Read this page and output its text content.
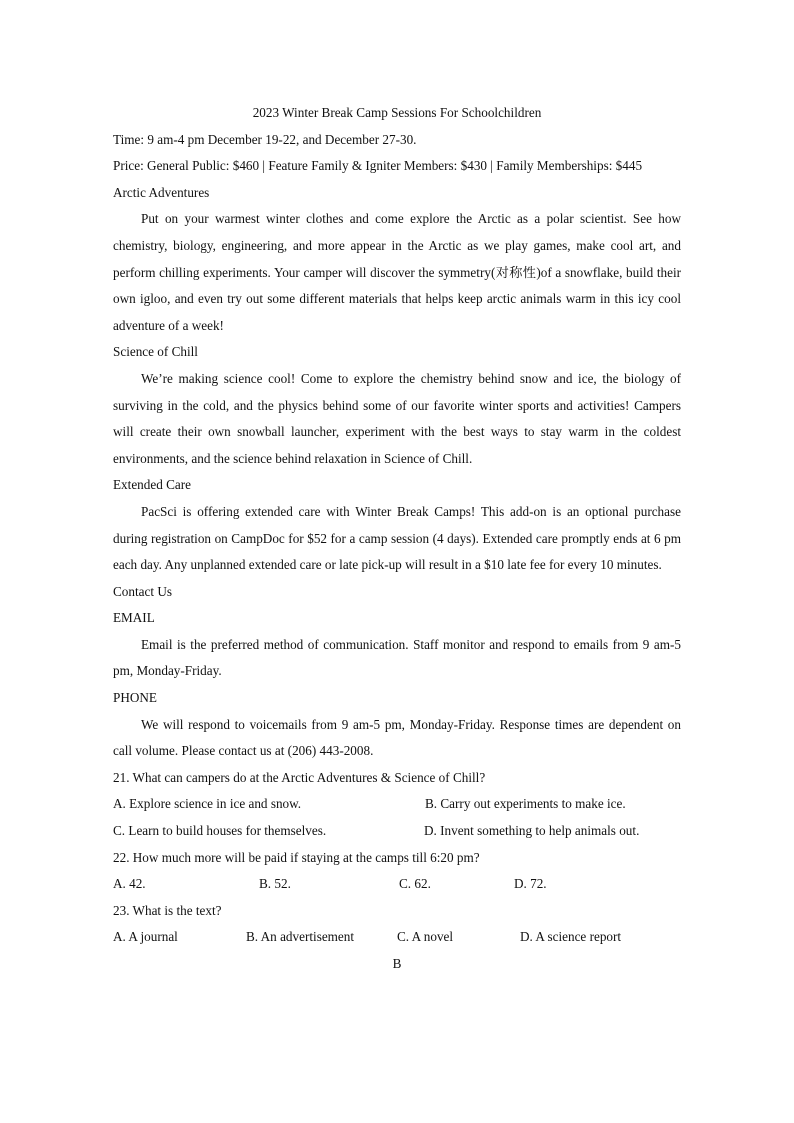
2023 Winter Break Camp Sessions For Schoolchildren
Time: 9 am-4 pm December 19-22, and December 27-30.
Price: General Public: $460 | Feature Family & Igniter Members: $430 | Family Memberships: $445
Arctic Adventures

Put on your warmest winter clothes and come explore the Arctic as a polar scientist. See how chemistry, biology, engineering, and more appear in the Arctic as we play games, make cool art, and perform chilling experiments. Your camper will discover the symmetry(对称性)of a snowflake, build their own igloo, and even try out some different materials that helps keep arctic animals warm in this icy cool adventure of a week!

Science of Chill

We’re making science cool! Come to explore the chemistry behind snow and ice, the biology of surviving in the cold, and the physics behind some of our favorite winter sports and activities! Campers will create their own snowball launcher, experiment with the best ways to stay warm in the coldest environments, and the science behind relaxation in Science of Chill.

Extended Care

PacSci is offering extended care with Winter Break Camps! This add-on is an optional purchase during registration on CampDoc for $52 for a camp session (4 days). Extended care promptly ends at 6 pm each day. Any unplanned extended care or late pick-up will result in a $10 late fee for every 10 minutes.

Contact Us
EMAIL

Email is the preferred method of communication. Staff monitor and respond to emails from 9 am-5 pm, Monday-Friday.

PHONE

We will respond to voicemails from 9 am-5 pm, Monday-Friday. Response times are dependent on call volume. Please contact us at (206) 443-2008.

21. What can campers do at the Arctic Adventures & Science of Chill?
A. Explore science in ice and snow.	B. Carry out experiments to make ice.
C. Learn to build houses for themselves.	D. Invent something to help animals out.
22. How much more will be paid if staying at the camps till 6:20 pm?
A. 42.	B. 52.	C. 62.	D. 72.
23. What is the text?
A. A journal	B. An advertisement	C. A novel	D. A science report
B
